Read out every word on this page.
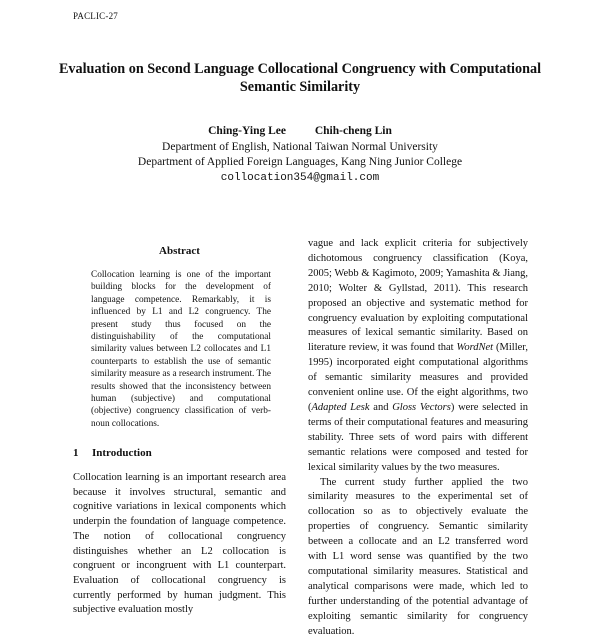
PACLIC-27
Evaluation on Second Language Collocational Congruency with Computational Semantic Similarity
Ching-Ying Lee	Chih-cheng Lin
Department of English, National Taiwan Normal University
Department of Applied Foreign Languages, Kang Ning Junior College
collocation354@gmail.com
Abstract

Collocation learning is one of the important building blocks for the development of language competence. Remarkably, it is influenced by L1 and L2 congruency. The present study thus focused on the distinguishability of the computational similarity values between L2 collocates and L1 counterparts to establish the use of semantic similarity measure as a research instrument. The results showed that the inconsistency between human (subjective) and computational (objective) congruency classification of verb-noun collocations.

1 Introduction

Collocation learning is an important research area because it involves structural, semantic and cognitive variations in lexical components which underpin the foundation of language competence. The notion of collocational congruency distinguishes whether an L2 collocation is congruent or incongruent with L1 counterpart. Evaluation of collocational congruency is currently performed by human judgment. This subjective evaluation mostly

vague and lack explicit criteria for subjectively dichotomous congruency classification (Koya, 2005; Webb & Kagimoto, 2009; Yamashita & Jiang, 2010; Wolter & Gyllstad, 2011). This research proposed an objective and systematic method for congruency evaluation by exploiting computational measures of lexical semantic similarity. Based on literature review, it was found that WordNet (Miller, 1995) incorporated eight computational algorithms of semantic similarity measures and provided convenient online use. Of the eight algorithms, two (Adapted Lesk and Gloss Vectors) were selected in terms of their computational features and measuring stability. Three sets of word pairs with different semantic relations were composed and tested for lexical similarity values by the two measures.

The current study further applied the two similarity measures to the experimental set of collocation so as to objectively evaluate the properties of congruency. Semantic similarity between a collocate and an L2 transferred word with L1 word sense was quantified by the two computational similarity measures. Statistical and analytical comparisons were made, which led to further understanding of the potential advantage of exploiting semantic similarity for congruency evaluation.
